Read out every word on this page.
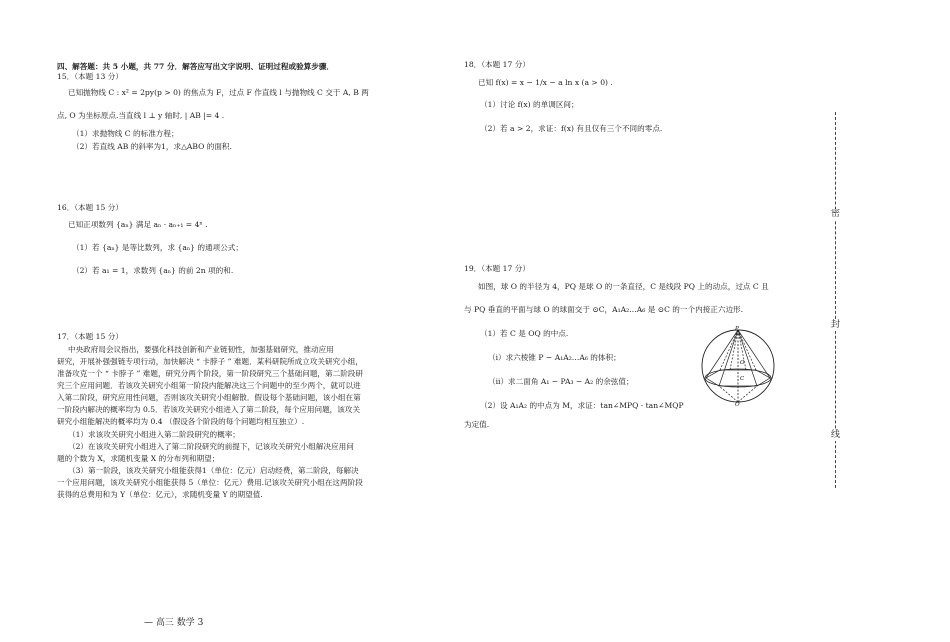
四、解答题：共 5 小题，共 77 分．解答应写出文字说明、证明过程或验算步骤．
15．（本题 13 分）
已知抛物线 C : x² = 2py(p > 0) 的焦点为 F，过点 F 作直线 l 与抛物线 C 交于 A, B 两
点, O 为坐标原点.当直线 l ⊥ y 轴时, | AB |= 4 .
（1）求抛物线 C 的标准方程；
（2）若直线 AB 的斜率为1，求△ABO 的面积.
16．（本题 15 分）
已知正项数列 {aₙ} 满足 aₙ · aₙ₊₁ = 4ⁿ .
（1）若 {aₙ} 是等比数列，求 {aₙ} 的通项公式；
（2）若 a₁ = 1，求数列 {aₙ} 的前 2n 项的和.
17．（本题 15 分）
中央政府局会议指出，要强化科技创新和产业链韧性，加强基础研究，推动应用
研究，开展补强强链专项行动，加快解决 “ 卡脖子 ” 难题．某科研院所成立攻关研究小组，
准备攻克一个 “ 卡脖子 ” 难题，研究分两个阶段，第一阶段研究三个基础问题，第二阶段研
究三个应用问题．若该攻关研究小组第一阶段内能解决这三个问题中的至少两个，就可以进
入第二阶段，研究应用性问题，否则该攻关研究小组解散．假设每个基础问题，该小组在第
一阶段内解决的概率均为 0.5．若该攻关研究小组进入了第二阶段，每个应用问题，该攻关
研究小组能解决的概率均为 0.4 （假设各个阶段的每个问题均相互独立）.
（1）求该攻关研究小组进入第二阶段研究的概率；
（2）在该攻关研究小组进入了第二阶段研究的前提下，记该攻关研究小组解决应用问
题的个数为 X，求随机变量 X 的分布列和期望；
（3）第一阶段，该攻关研究小组能获得1（单位：亿元）启动经费，第二阶段，每解决
一个应用问题，该攻关研究小组能获得 5（单位：亿元）费用.记该攻关研究小组在这两阶段
获得的总费用和为 Y（单位：亿元），求随机变量 Y 的期望值.
18．（本题 17 分）
已知 f(x) = x − 1/x − a ln x (a > 0) .
（1）讨论 f(x) 的单调区间；
（2）若 a > 2，求证：f(x) 有且仅有三个不同的零点.
19．（本题 17 分）
如图，球 O 的半径为 4，PQ 是球 O 的一条直径，C 是线段 PQ 上的动点，过点 C 且
与 PQ 垂直的平面与球 O 的球面交于 ⊙C，A₁A₂…A₆ 是 ⊙C 的一个内接正六边形.
（1）若 C 是 OQ 的中点.
（i）求六棱锥 P − A₁A₂…A₆ 的体积；
（ii）求二面角 A₁ − PA₃ − A₂ 的余弦值；
（2）设 A₁A₂ 的中点为 M，求证：tan∠MPQ · tan∠MQP
为定值.
P
Q
C
O
密
封
线
— 高三 数学 3
